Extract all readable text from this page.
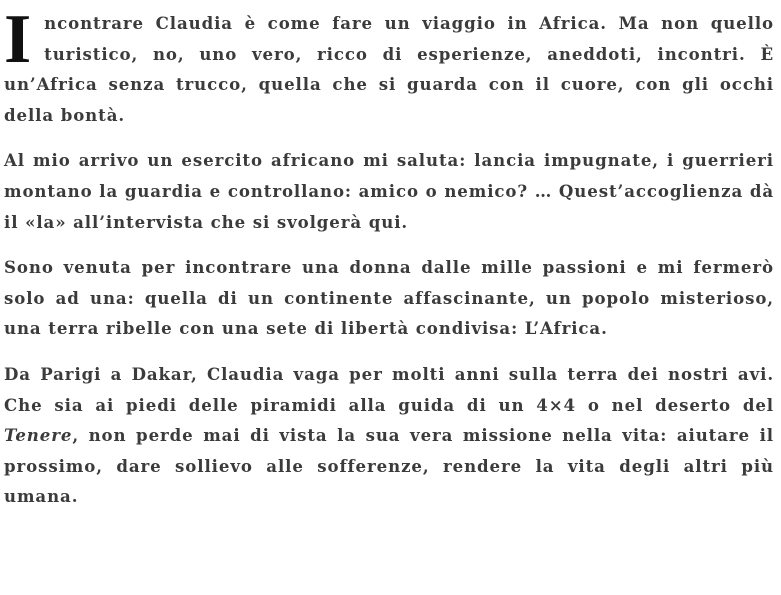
Incontrare Claudia è come fare un viaggio in Africa. Ma non quello turistico, no, uno vero, ricco di esperienze, aneddoti, incontri. È un’Africa senza trucco, quella che si guarda con il cuore, con gli occhi della bontà.

Al mio arrivo un esercito africano mi saluta: lancia impugnate, i guerrieri montano la guardia e controllano: amico o nemico? … Quest’accoglienza dà il «la» all’intervista che si svolgerà qui.

Sono venuta per incontrare una donna dalle mille passioni e mi fermerò solo ad una: quella di un continente affascinante, un popolo misterioso, una terra ribelle con una sete di libertà condivisa: L’Africa.

Da Parigi a Dakar, Claudia vaga per molti anni sulla terra dei nostri avi. Che sia ai piedi delle piramidi alla guida di un 4×4 o nel deserto del Tenere, non perde mai di vista la sua vera missione nella vita: aiutare il prossimo, dare sollievo alle sofferenze, rendere la vita degli altri più umana.
